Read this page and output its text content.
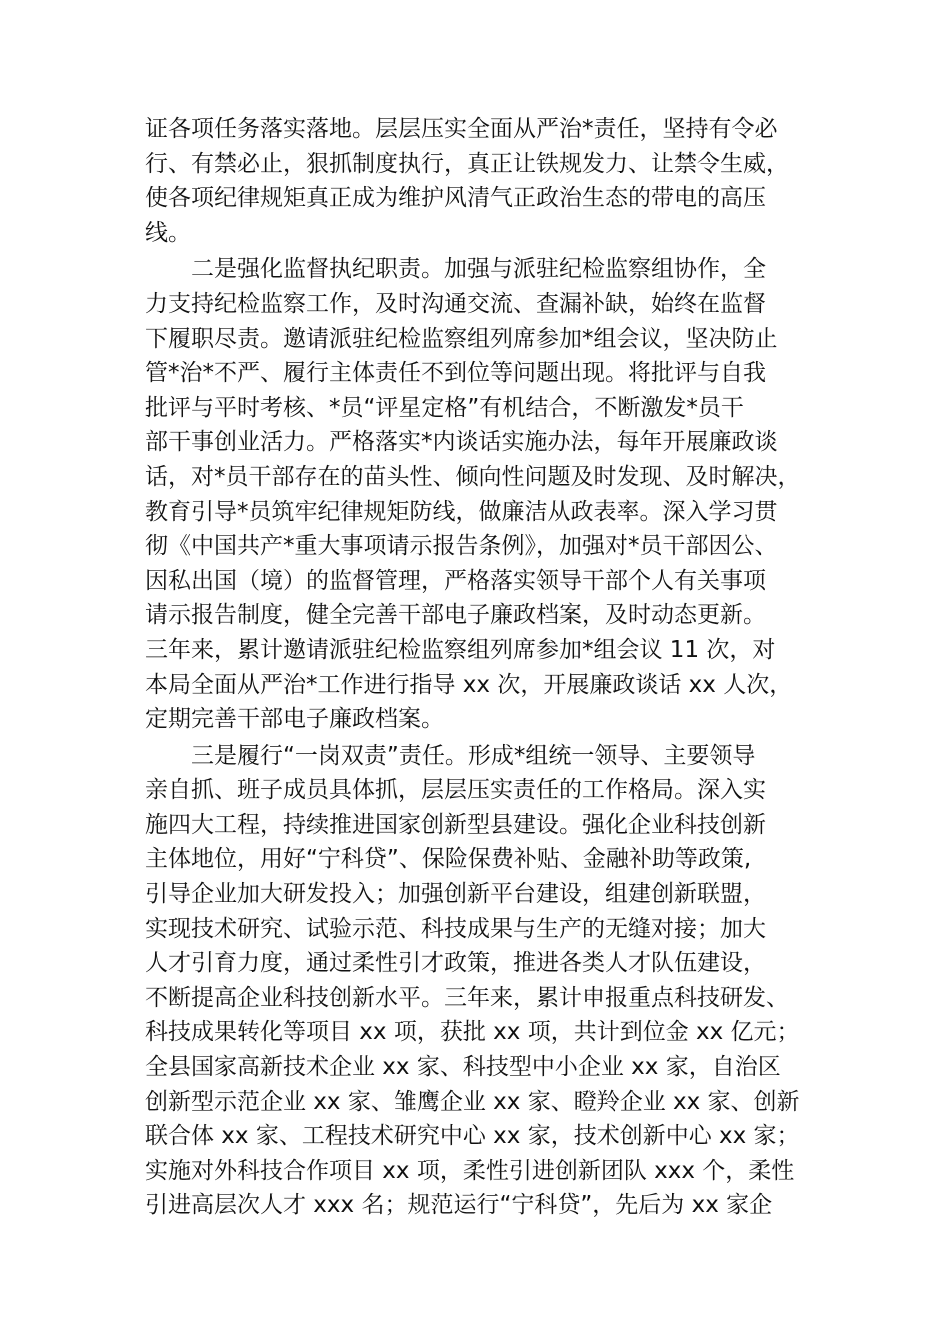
证各项任务落实落地。层层压实全面从严治*责任，坚持有令必
行、有禁必止，狠抓制度执行，真正让铁规发力、让禁令生威，
使各项纪律规矩真正成为维护风清气正政治生态的带电的高压
线。
　　二是强化监督执纪职责。加强与派驻纪检监察组协作，全
力支持纪检监察工作，及时沟通交流、查漏补缺，始终在监督
下履职尽责。邀请派驻纪检监察组列席参加*组会议，坚决防止
管*治*不严、履行主体责任不到位等问题出现。将批评与自我
批评与平时考核、*员“评星定格”有机结合，不断激发*员干
部干事创业活力。严格落实*内谈话实施办法，每年开展廉政谈
话，对*员干部存在的苗头性、倾向性问题及时发现、及时解决，
教育引导*员筑牢纪律规矩防线，做廉洁从政表率。深入学习贯
彻《中国共产*重大事项请示报告条例》，加强对*员干部因公、
因私出国（境）的监督管理，严格落实领导干部个人有关事项
请示报告制度，健全完善干部电子廉政档案，及时动态更新。
三年来，累计邀请派驻纪检监察组列席参加*组会议 11 次，对
本局全面从严治*工作进行指导 xx 次，开展廉政谈话 xx 人次，
定期完善干部电子廉政档案。
　　三是履行“一岗双责”责任。形成*组统一领导、主要领导
亲自抓、班子成员具体抓，层层压实责任的工作格局。深入实
施四大工程，持续推进国家创新型县建设。强化企业科技创新
主体地位，用好“宁科贷”、保险保费补贴、金融补助等政策,
引导企业加大研发投入；加强创新平台建设，组建创新联盟，
实现技术研究、试验示范、科技成果与生产的无缝对接；加大
人才引育力度，通过柔性引才政策，推进各类人才队伍建设，
不断提高企业科技创新水平。三年来，累计申报重点科技研发、
科技成果转化等项目 xx 项，获批 xx 项，共计到位金 xx 亿元；
全县国家高新技术企业 xx 家、科技型中小企业 xx 家，自治区
创新型示范企业 xx 家、雏鹰企业 xx 家、瞪羚企业 xx 家、创新
联合体 xx 家、工程技术研究中心 xx 家，技术创新中心 xx 家；
实施对外科技合作项目 xx 项，柔性引进创新团队 xxx 个，柔性
引进高层次人才 xxx 名；规范运行“宁科贷”，先后为 xx 家企
